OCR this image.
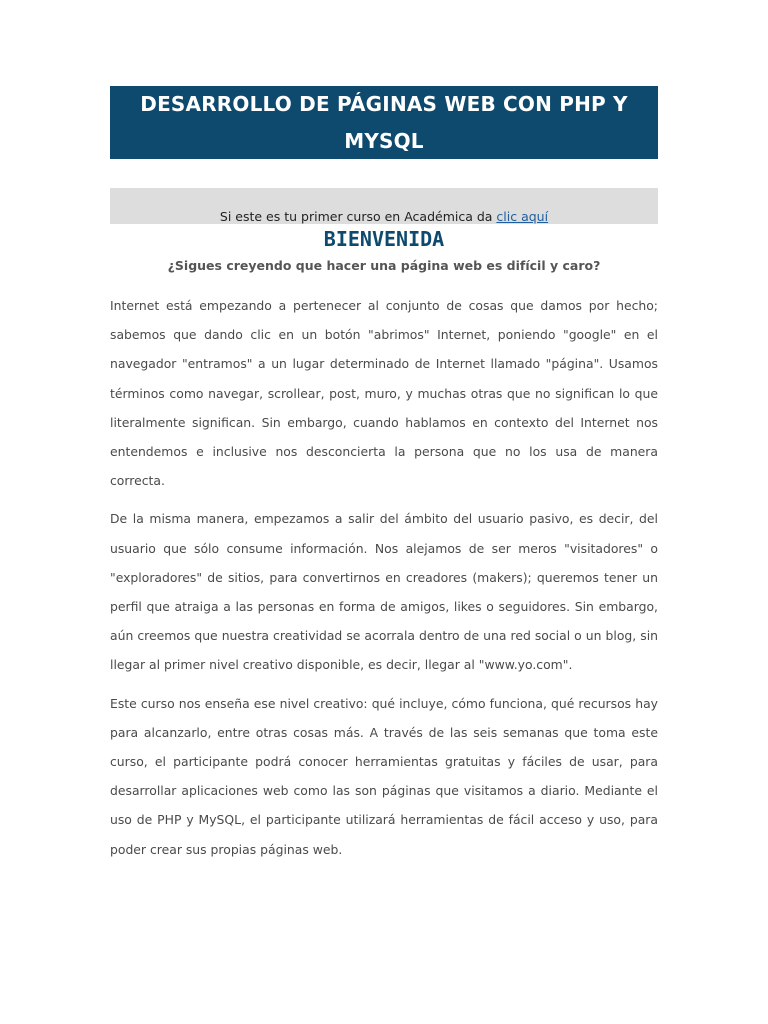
DESARROLLO DE PÁGINAS WEB CON PHP Y MYSQL
Si este es tu primer curso en Académica da clic aquí
BIENVENIDA
¿Sigues creyendo que hacer una página web es difícil y caro?

Internet está empezando a pertenecer al conjunto de cosas que damos por hecho; sabemos que dando clic en un botón "abrimos" Internet, poniendo "google" en el navegador "entramos" a un lugar determinado de Internet llamado "página". Usamos términos como navegar, scrollear, post, muro, y muchas otras que no significan lo que literalmente significan. Sin embargo, cuando hablamos en contexto del Internet nos entendemos e inclusive nos desconcierta la persona que no los usa de manera correcta.

De la misma manera, empezamos a salir del ámbito del usuario pasivo, es decir, del usuario que sólo consume información. Nos alejamos de ser meros "visitadores" o "exploradores" de sitios, para convertirnos en creadores (makers); queremos tener un perfil que atraiga a las personas en forma de amigos, likes o seguidores. Sin embargo, aún creemos que nuestra creatividad se acorrala dentro de una red social o un blog, sin llegar al primer nivel creativo disponible, es decir, llegar al "www.yo.com".

Este curso nos enseña ese nivel creativo: qué incluye, cómo funciona, qué recursos hay para alcanzarlo, entre otras cosas más. A través de las seis semanas que toma este curso, el participante podrá conocer herramientas gratuitas y fáciles de usar, para desarrollar aplicaciones web como las son páginas que visitamos a diario. Mediante el uso de PHP y MySQL, el participante utilizará herramientas de fácil acceso y uso, para poder crear sus propias páginas web.
